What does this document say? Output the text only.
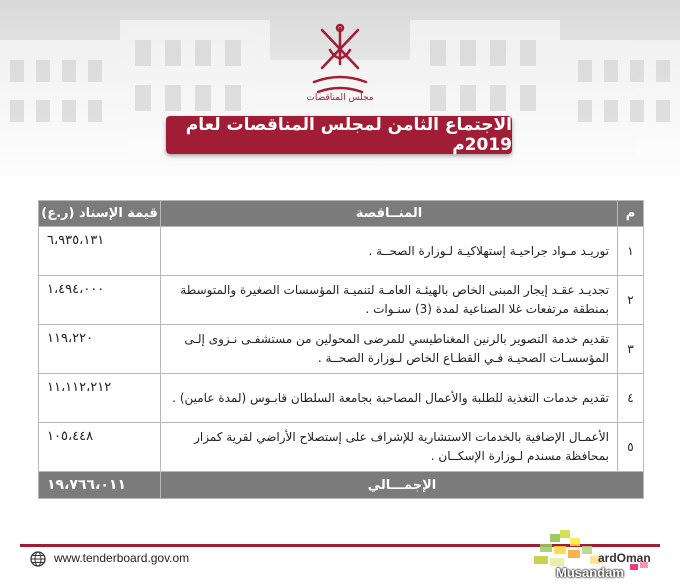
مجلس المناقصات
الاجتماع الثامن لمجلس المناقصات لعام 2019م
م	المنــاقصة	قيمة الإسناد (ر.ع)
١	توريـد مـواد جراحيـة إستهلاكيـة لـوزارة الصحــة .	٦،٩٣٥،١٣١
٢	تجديـد عقـد إيجار المبنى الخاص بالهيئـة العامـة لتنميـة المؤسسات الصغيرة والمتوسطة بمنطقة مرتفعات غلا الصناعية لمدة (3) سنـوات .	١،٤٩٤،٠٠٠
٣	تقديم خدمة التصوير بالرنين المغناطيسي للمرضى المحولين من مستشفـى نـزوى إلـى المؤسسـات الصحيـة فـي القطـاع الخاص لـوزارة الصحــة .	١١٩،٢٢٠
٤	تقديم خدمات التغذية للطلبة والأعمال المصاحبة بجامعة السلطان قابـوس (لمدة عامين) .	١١،١١٢،٢١٢
٥	الأعمـال الإضافية بالخدمات الاستشارية للإشراف على إستصلاح الأراضي لقرية كمزار بمحافظة مسندم لـوزارة الإسكــان .	١٠٥،٤٤٨
الإجمـــالي		١٩،٧٦٦،٠١١
www.tenderboard.gov.om	ardOman
Musandam
